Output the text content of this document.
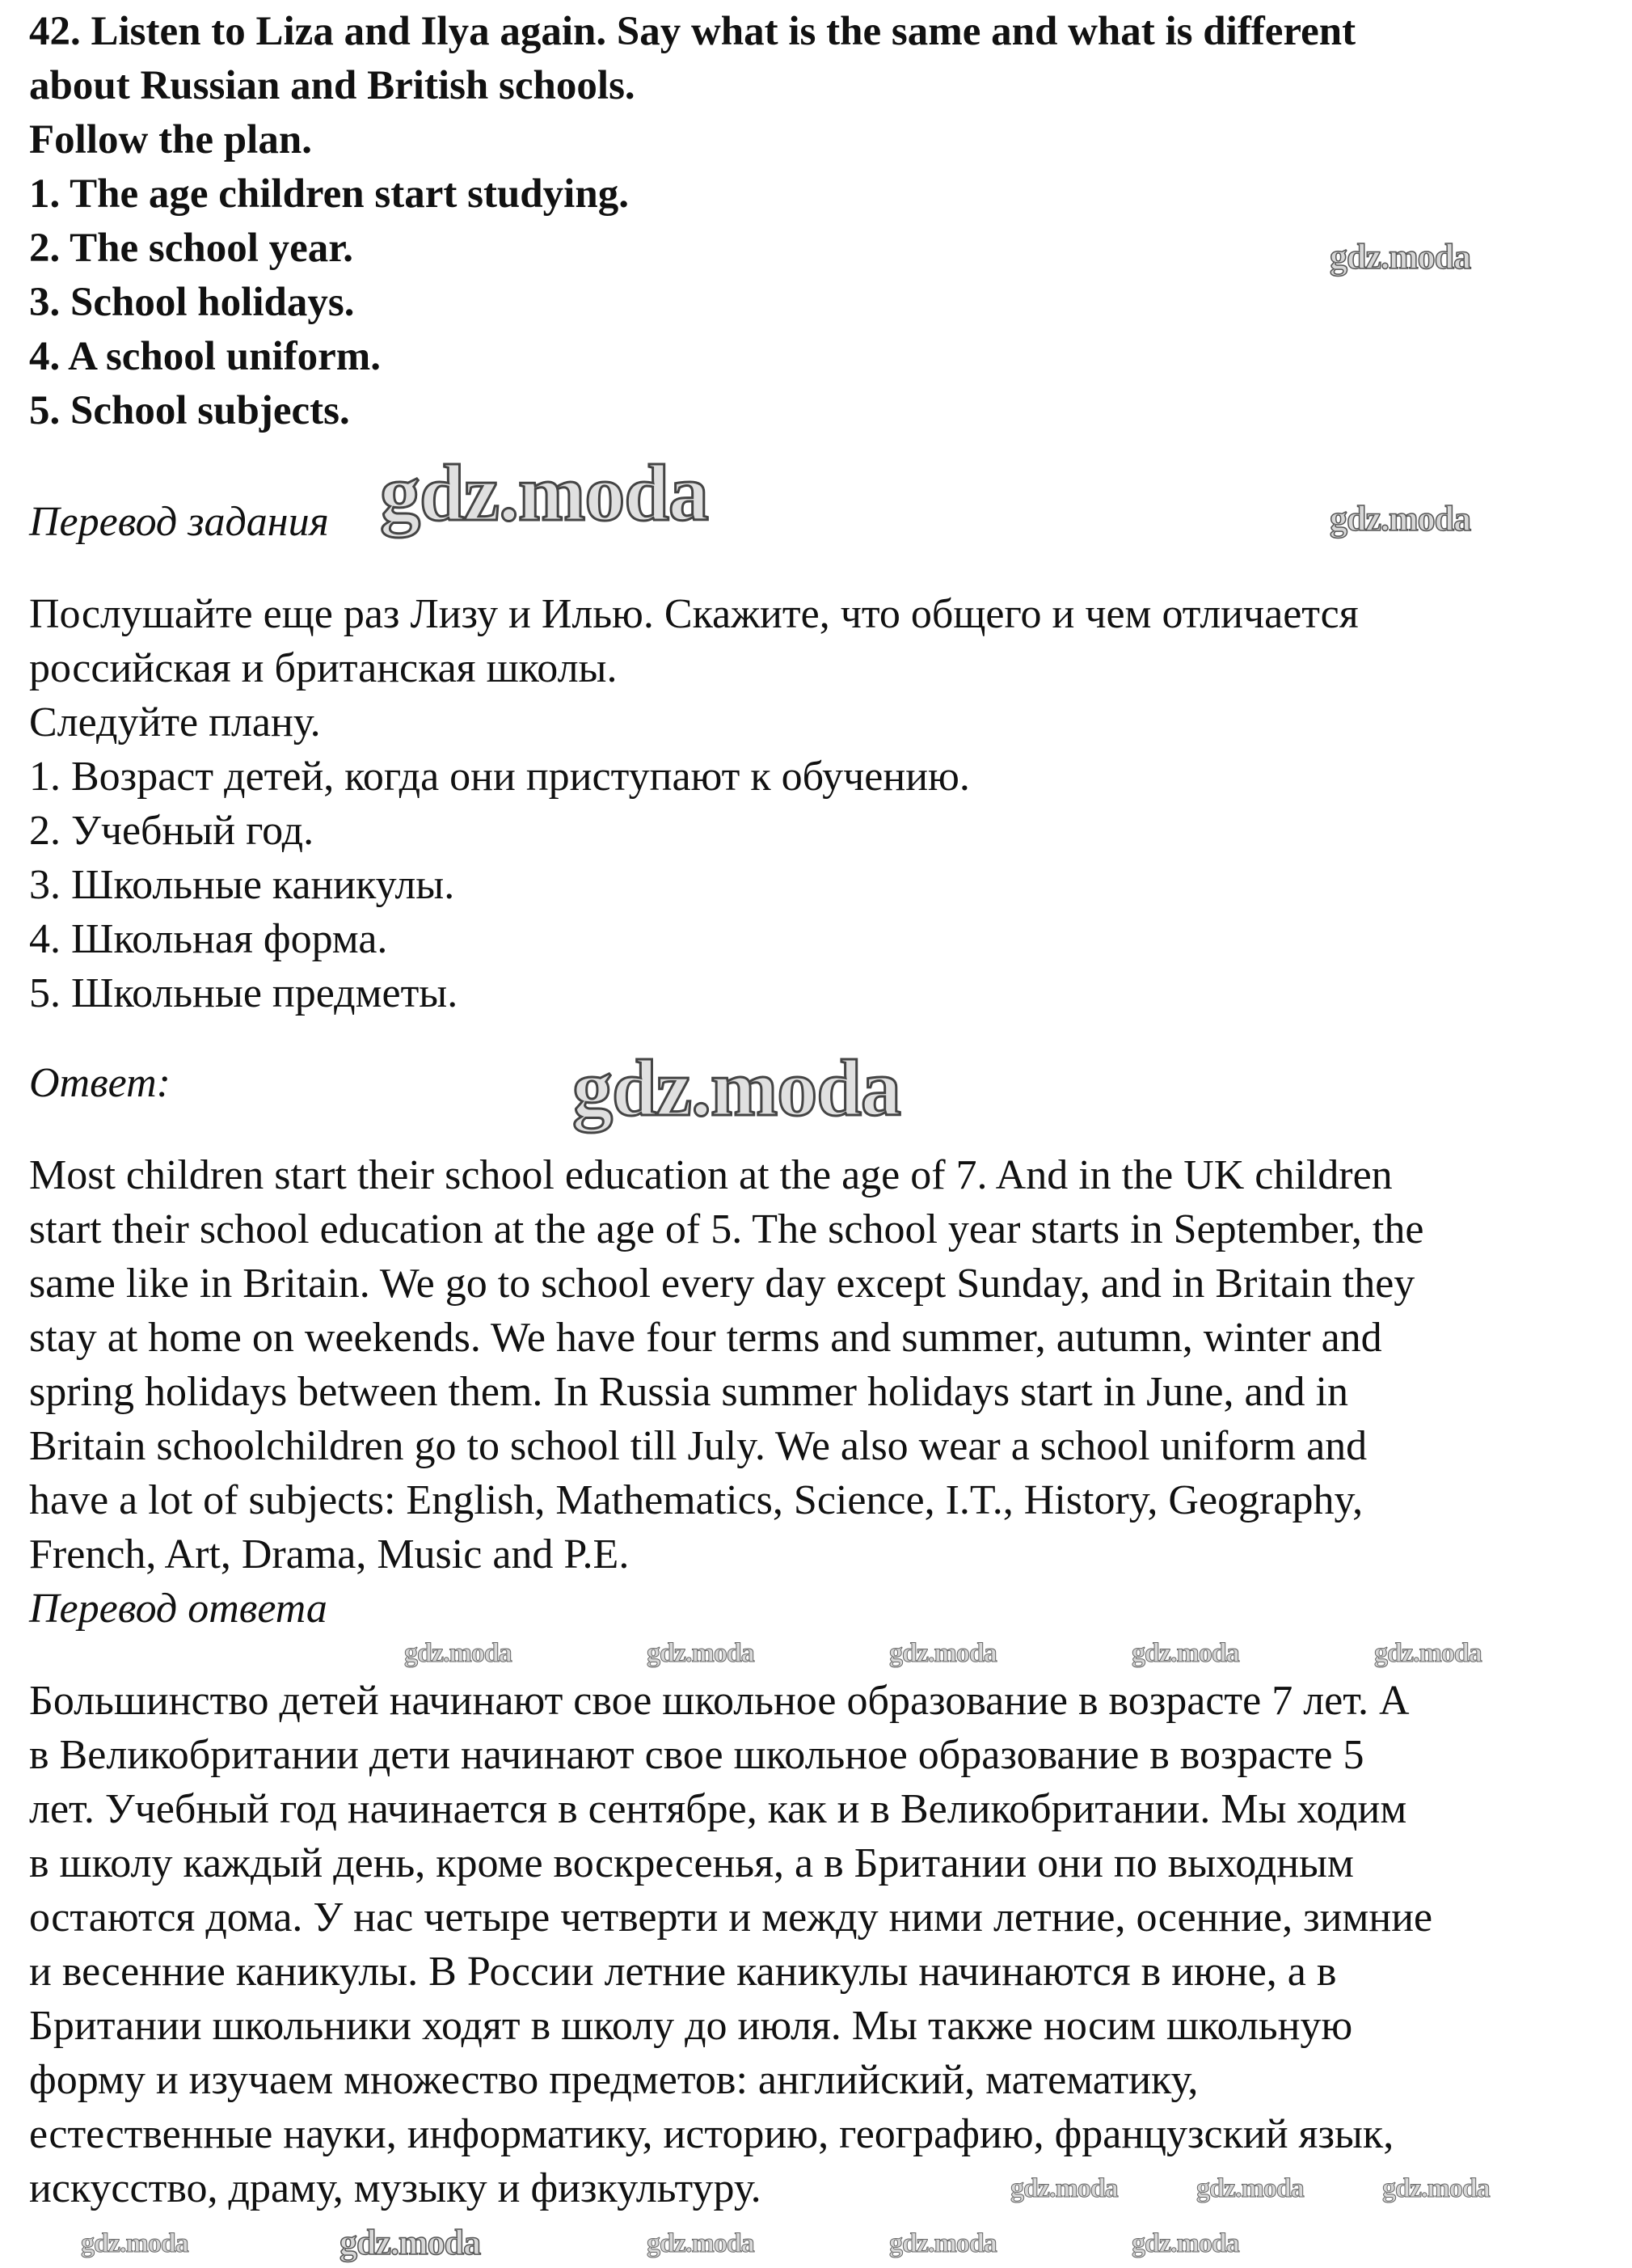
42. Listen to Liza and Ilya again. Say what is the same and what is different
about Russian and British schools.
Follow the plan.
1. The age children start studying.
2. The school year.
3. School holidays.
4. A school uniform.
5. School subjects.
Перевод задания
Послушайте еще раз Лизу и Илью. Скажите, что общего и чем отличается
российская и британская школы.
Следуйте плану.
1. Возраст детей, когда они приступают к обучению.
2. Учебный год.
3. Школьные каникулы.
4. Школьная форма.
5. Школьные предметы.
Ответ:
Most children start their school education at the age of 7. And in the UK children
start their school education at the age of 5. The school year starts in September, the
same like in Britain. We go to school every day except Sunday, and in Britain they
stay at home on weekends. We have four terms and summer, autumn, winter and
spring holidays between them. In Russia summer holidays start in June, and in
Britain schoolchildren go to school till July. We also wear a school uniform and
have a lot of subjects: English, Mathematics, Science, I.T., History, Geography,
French, Art, Drama, Music and P.E.
Перевод ответа
Большинство детей начинают свое школьное образование в возрасте 7 лет. А
в Великобритании дети начинают свое школьное образование в возрасте 5
лет. Учебный год начинается в сентябре, как и в Великобритании. Мы ходим
в школу каждый день, кроме воскресенья, а в Британии они по выходным
остаются дома. У нас четыре четверти и между ними летние, осенние, зимние
и весенние каникулы. В России летние каникулы начинаются в июне, а в
Британии школьники ходят в школу до июля. Мы также носим школьную
форму и изучаем множество предметов: английский, математику,
естественные науки, информатику, историю, географию, французский язык,
искусство, драму, музыку и физкультуру.
gdz.moda
gdz.moda	gdz.moda
gdz.moda
gdz.moda	gdz.moda	gdz.moda	gdz.moda	gdz.moda
gdz.moda	gdz.moda	gdz.moda
gdz.moda	gdz.moda	gdz.moda	gdz.moda	gdz.moda
